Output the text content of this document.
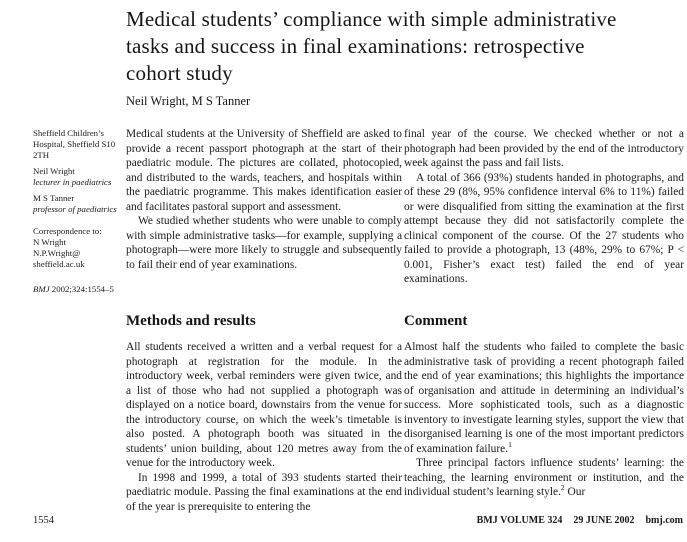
Medical students’ compliance with simple administrative
tasks and success in final examinations: retrospective
cohort study
Neil Wright, M S Tanner
Sheffield Children’s Hospital, Sheffield S10 2TH
Neil Wright
lecturer in paediatrics
M S Tanner
professor of paediatrics
Correspondence to:
N Wright
N.P.Wright@
sheffield.ac.uk
BMJ 2002;324:1554–5

Medical students at the University of Sheffield are asked to provide a recent passport photograph at the start of their paediatric module. The pictures are collated, photocopied, and distributed to the wards, teachers, and hospitals within the paediatric programme. This makes identification easier and facilitates pastoral support and assessment.

We studied whether students who were unable to comply with simple administrative tasks—for example, supplying a photograph—were more likely to struggle and subsequently to fail their end of year examinations.

Methods and results

All students received a written and a verbal request for a photograph at registration for the module. In the introductory week, verbal reminders were given twice, and a list of those who had not supplied a photograph was displayed on a notice board, downstairs from the venue for the introductory course, on which the week’s timetable is also posted. A photograph booth was situated in the students’ union building, about 120 metres away from the venue for the introductory week.

In 1998 and 1999, a total of 393 students started their paediatric module. Passing the final examinations at the end of the year is prerequisite to entering the

final year of the course. We checked whether or not a photograph had been provided by the end of the introductory week against the pass and fail lists.

A total of 366 (93%) students handed in photographs, and of these 29 (8%, 95% confidence interval 6% to 11%) failed or were disqualified from sitting the examination at the first attempt because they did not satisfactorily complete the clinical component of the course. Of the 27 students who failed to provide a photograph, 13 (48%, 29% to 67%; P < 0.001, Fisher’s exact test) failed the end of year examinations.

Comment

Almost half the students who failed to complete the basic administrative task of providing a recent photograph failed the end of year examinations; this highlights the importance of organisation and attitude in determining an individual’s success. More sophisticated tools, such as a diagnostic inventory to investigate learning styles, support the view that disorganised learning is one of the most important predictors of examination failure.$^1$

Three principal factors influence students’ learning: the teaching, the learning environment or institution, and the individual student’s learning style.$^2$ Our

1554	BMJ VOLUME 324 29 JUNE 2002 bmj.com
